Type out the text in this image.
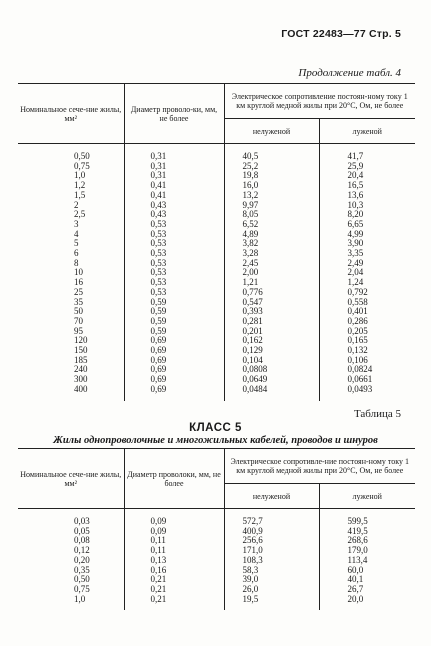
ГОСТ 22483—77 Стр. 5
Продолжение табл. 4
Номинальное сече-ние жилы, мм²	Диаметр проволо-ки, мм, не более	Электрическое сопротивление постоян-ному току 1 км круглой медной жилы при 20°С, Ом, не более	
		нелуженой	луженой

0,50	0,31	40,5	41,7
0,75	0,31	25,2	25,9
1,0	0,31	19,8	20,4
1,2	0,41	16,0	16,5
1,5	0,41	13,2	13,6
2	0,43	9,97	10,3
2,5	0,43	8,05	8,20
3	0,53	6,52	6,65
4	0,53	4,89	4,99
5	0,53	3,82	3,90
6	0,53	3,28	3,35
8	0,53	2,45	2,49
10	0,53	2,00	2,04
16	0,53	1,21	1,24
25	0,53	0,776	0,792
35	0,59	0,547	0,558
50	0,59	0,393	0,401
70	0,59	0,281	0,286
95	0,59	0,201	0,205
120	0,69	0,162	0,165
150	0,69	0,129	0,132
185	0,69	0,104	0,106
240	0,69	0,0808	0,0824
300	0,69	0,0649	0,0661
400	0,69	0,0484	0,0493

Таблица 5
КЛАСС 5
Жилы однопроволочные и многожильных кабелей, проводов и шнуров
Номинальное сече-ние жилы, мм²	Диаметр проволоки, мм, не более	Электрическое сопротивле-ние постоян-ному току 1 км круглой медной жилы при 20°С, Ом, не более	
		нелуженой	луженой

0,03	0,09	572,7	599,5
0,05	0,09	400,9	419,5
0,08	0,11	256,6	268,6
0,12	0,11	171,0	179,0
0,20	0,13	108,3	113,4
0,35	0,16	58,3	60,0
0,50	0,21	39,0	40,1
0,75	0,21	26,0	26,7
1,0	0,21	19,5	20,0
